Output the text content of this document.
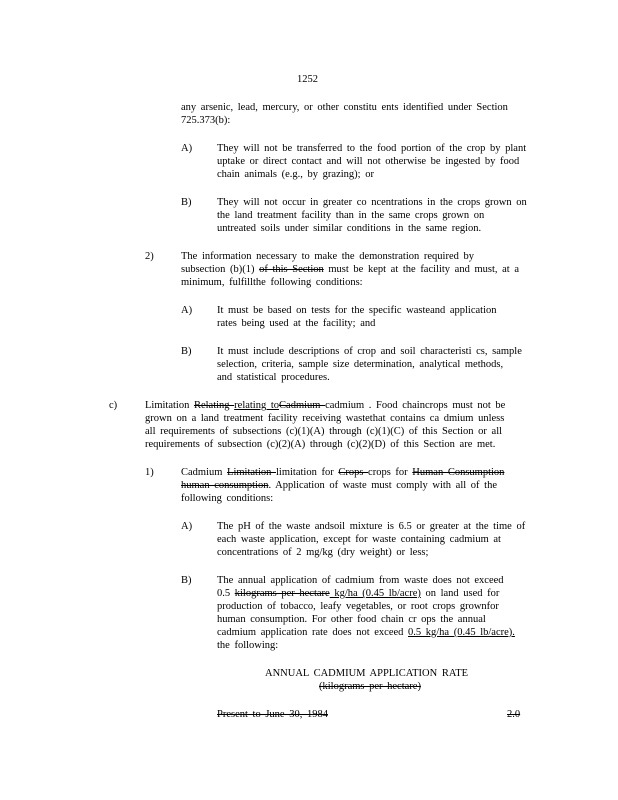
1252
any arsenic, lead, mercury, or other constitu ents identified under Section
725.373(b):
A) They will not be transferred to the food portion of the crop by plant
uptake or direct contact and will not otherwise be ingested by food
chain animals (e.g., by grazing); or
B) They will not occur in greater co ncentrations in the crops grown on
the land treatment facility than in the same crops grown on
untreated soils under similar conditions in the same region.
2)	The information necessary to make the demonstration required by
subsection (b)(1) of this Section must be kept at the facility and must, at a
minimum, fulfillthe following conditions:
A) It must be based on tests for the specific wasteand application
rates being used at the facility; and
B) It must include descriptions of crop and soil characteristi cs, sample
selection, criteria, sample size determination, analytical methods,
and statistical procedures.
c)	Limitation Relating relating toCadmium cadmium . Food chaincrops must not be
grown on a land treatment facility receiving wastethat contains ca dmium unless
all requirements of subsections (c)(1)(A) through (c)(1)(C) of this Section or all
requirements of subsection (c)(2)(A) through (c)(2)(D) of this Section are met.
1)	Cadmium Limitation limitation for Crops crops for Human Consumption
human consumption. Application of waste must comply with all of the
following conditions:
A) The pH of the waste andsoil mixture is 6.5 or greater at the time of
each waste application, except for waste containing cadmium at
concentrations of 2 mg/kg (dry weight) or less;
B) The annual application of cadmium from waste does not exceed
0.5 kilograms per hectare kg/ha (0.45 lb/acre) on land used for
production of tobacco, leafy vegetables, or root crops grownfor
human consumption. For other food chain cr ops the annual
cadmium application rate does not exceed 0.5 kg/ha (0.45 lb/acre).
the following:
ANNUAL CADMIUM APPLICATION RATE
(kilograms per hectare)
Present to June 30, 1984	2.0
